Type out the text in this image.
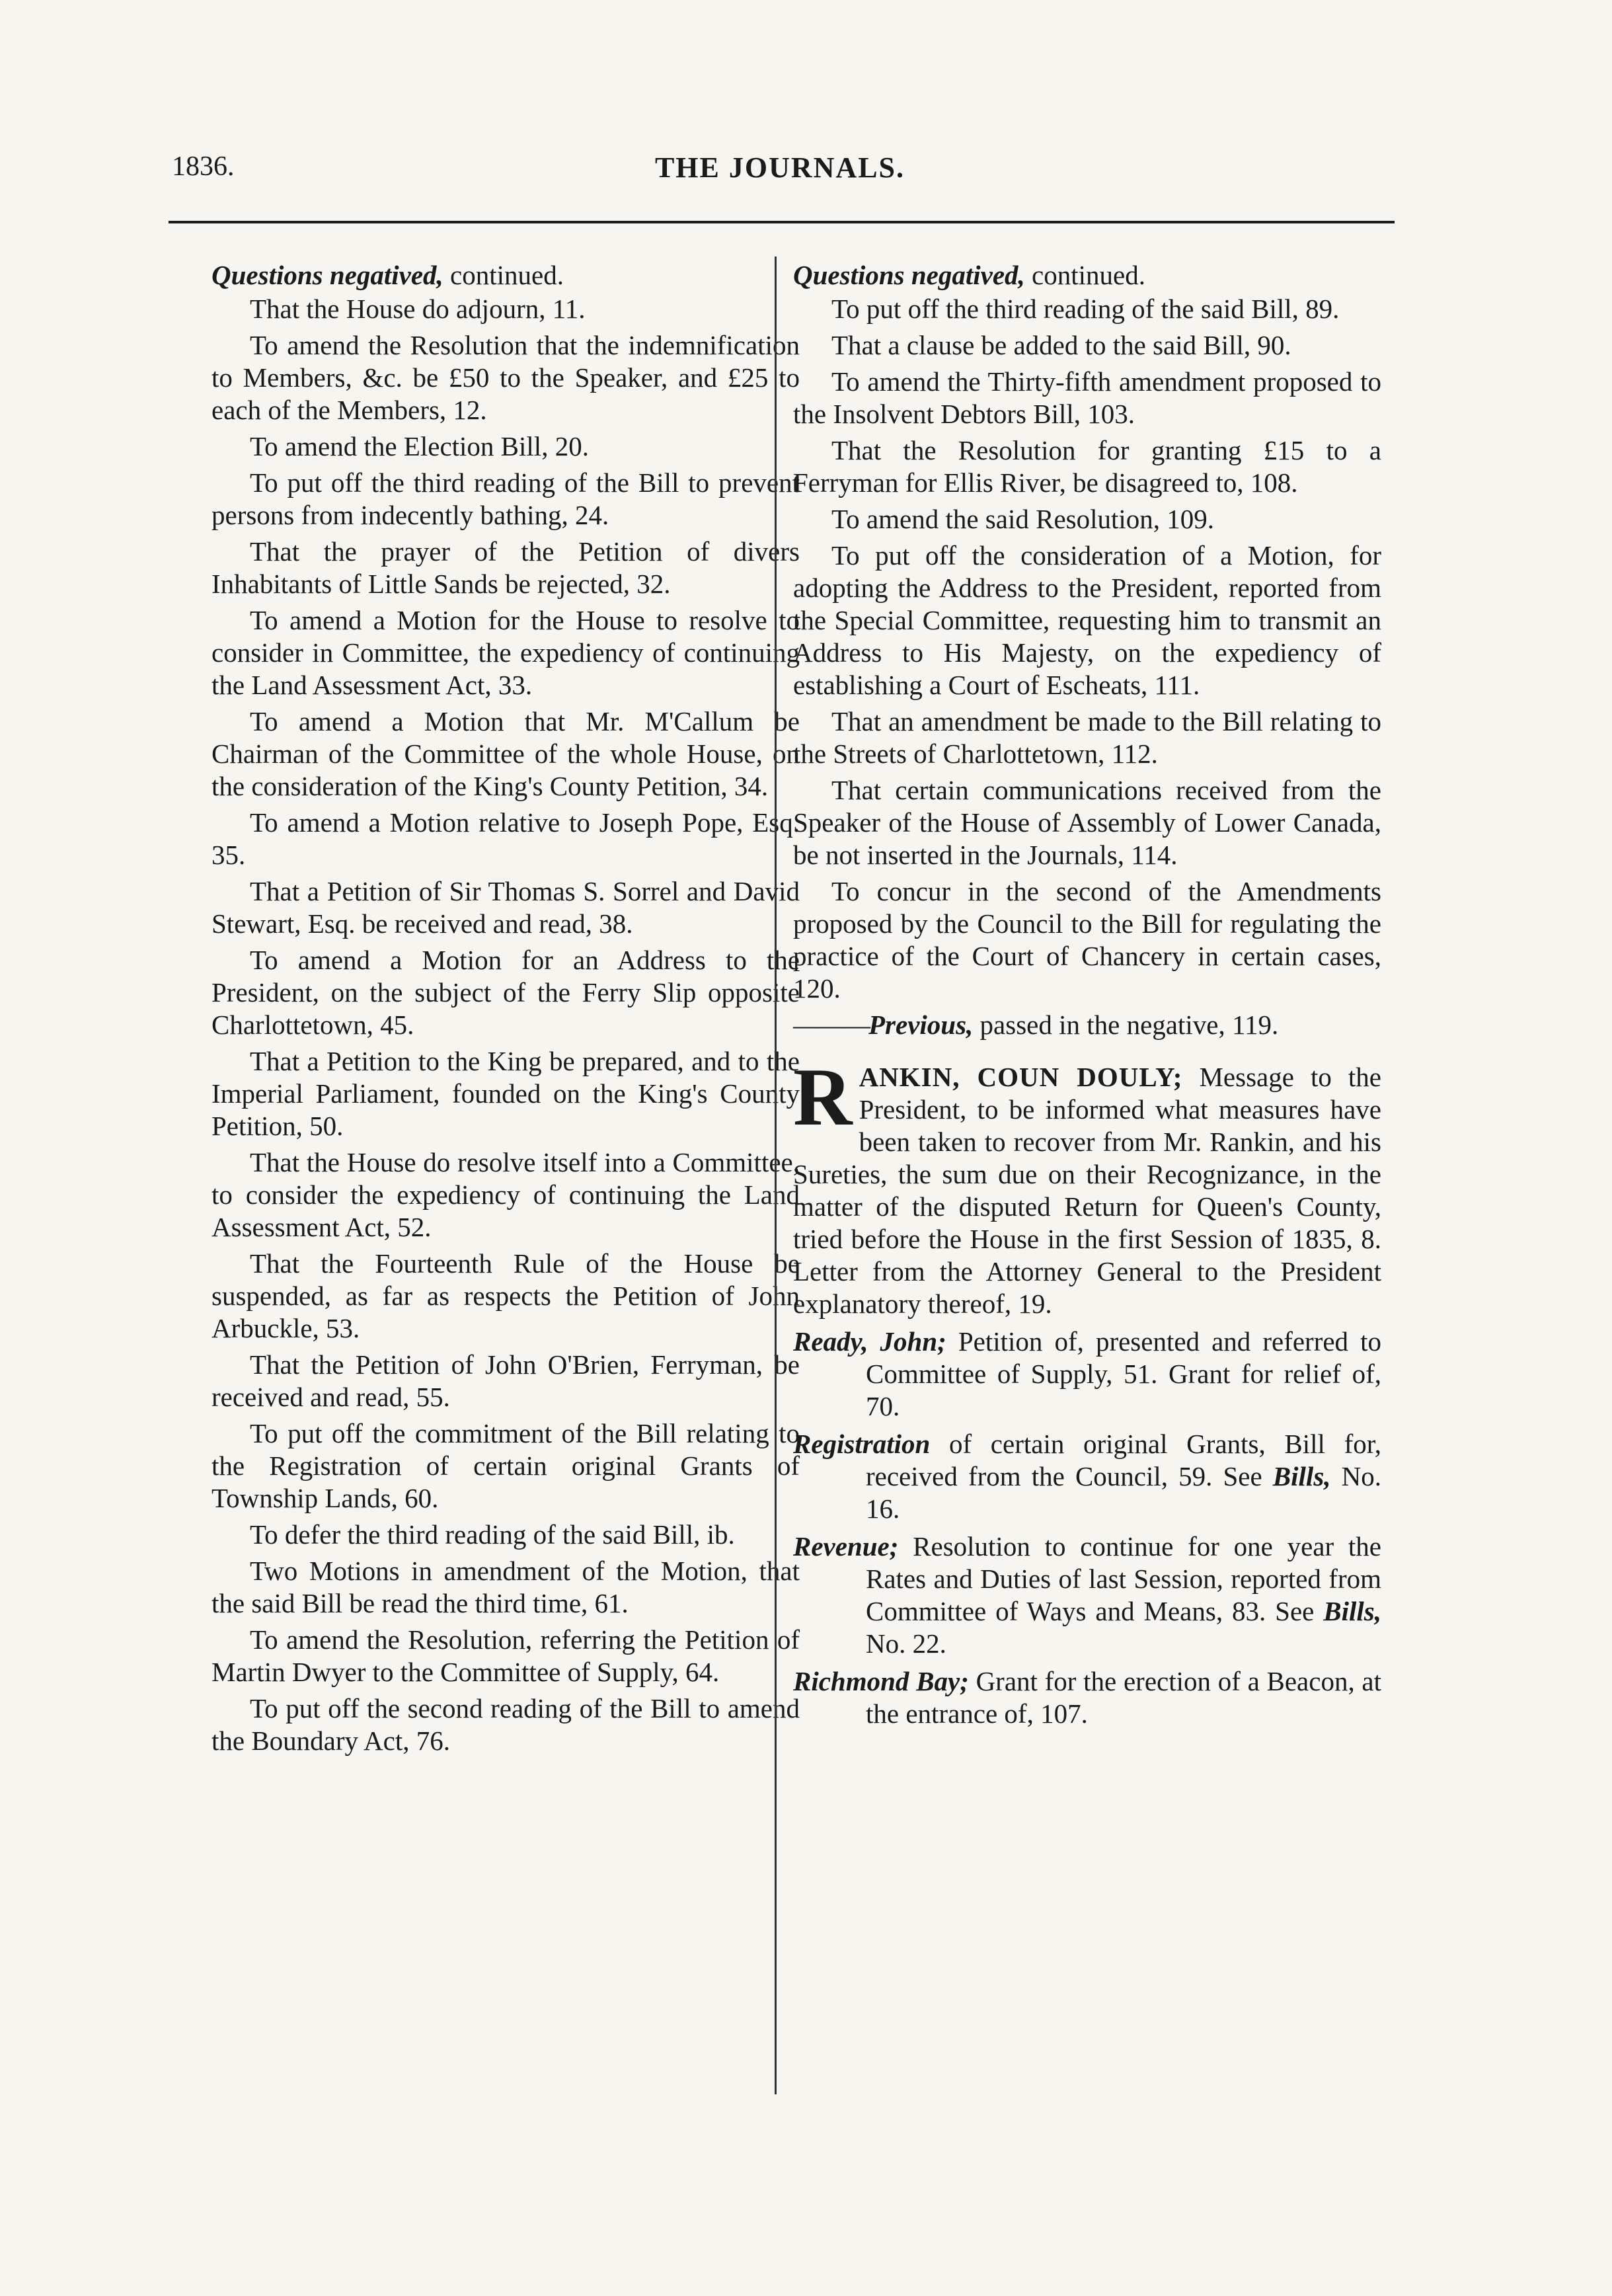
1836.	THE JOURNALS.

Questions negatived, continued.

That the House do adjourn, 11.

To amend the Resolution that the indemnification to Members, &c. be £50 to the Speaker, and £25 to each of the Members, 12.

To amend the Election Bill, 20.

To put off the third reading of the Bill to prevent persons from indecently bathing, 24.

That the prayer of the Petition of divers Inhabitants of Little Sands be rejected, 32.

To amend a Motion for the House to resolve to consider in Committee, the expediency of continuing the Land Assessment Act, 33.

To amend a Motion that Mr. M'Callum be Chairman of the Committee of the whole House, on the consideration of the King's County Petition, 34.

To amend a Motion relative to Joseph Pope, Esq. 35.

That a Petition of Sir Thomas S. Sorrel and David Stewart, Esq. be received and read, 38.

To amend a Motion for an Address to the President, on the subject of the Ferry Slip opposite Charlottetown, 45.

That a Petition to the King be prepared, and to the Imperial Parliament, founded on the King's County Petition, 50.

That the House do resolve itself into a Committee, to consider the expediency of continuing the Land Assessment Act, 52.

That the Fourteenth Rule of the House be suspended, as far as respects the Petition of John Arbuckle, 53.

That the Petition of John O'Brien, Ferryman, be received and read, 55.

To put off the commitment of the Bill relating to the Registration of certain original Grants of Township Lands, 60.

To defer the third reading of the said Bill, ib.

Two Motions in amendment of the Motion, that the said Bill be read the third time, 61.

To amend the Resolution, referring the Petition of Martin Dwyer to the Committee of Supply, 64.

To put off the second reading of the Bill to amend the Boundary Act, 76.

Questions negatived, continued.

To put off the third reading of the said Bill, 89.

That a clause be added to the said Bill, 90.

To amend the Thirty-fifth amendment proposed to the Insolvent Debtors Bill, 103.

That the Resolution for granting £15 to a Ferryman for Ellis River, be disagreed to, 108.

To amend the said Resolution, 109.

To put off the consideration of a Motion, for adopting the Address to the President, reported from the Special Committee, requesting him to transmit an Address to His Majesty, on the expediency of establishing a Court of Escheats, 111.

That an amendment be made to the Bill relating to the Streets of Charlottetown, 112.

That certain communications received from the Speaker of the House of Assembly of Lower Canada, be not inserted in the Journals, 114.

To concur in the second of the Amendments proposed by the Council to the Bill for regulating the practice of the Court of Chancery in certain cases, 120.

———Previous, passed in the negative, 119.

RANKIN, COUN DOULY; Message to the President, to be informed what measures have been taken to recover from Mr. Rankin, and his Sureties, the sum due on their Recognizance, in the matter of the disputed Return for Queen's County, tried before the House in the first Session of 1835, 8. Letter from the Attorney General to the President explanatory thereof, 19.

Ready, John; Petition of, presented and referred to Committee of Supply, 51. Grant for relief of, 70.

Registration of certain original Grants, Bill for, received from the Council, 59. See Bills, No. 16.

Revenue; Resolution to continue for one year the Rates and Duties of last Session, reported from Committee of Ways and Means, 83. See Bills, No. 22.

Richmond Bay; Grant for the erection of a Beacon, at the entrance of, 107.
